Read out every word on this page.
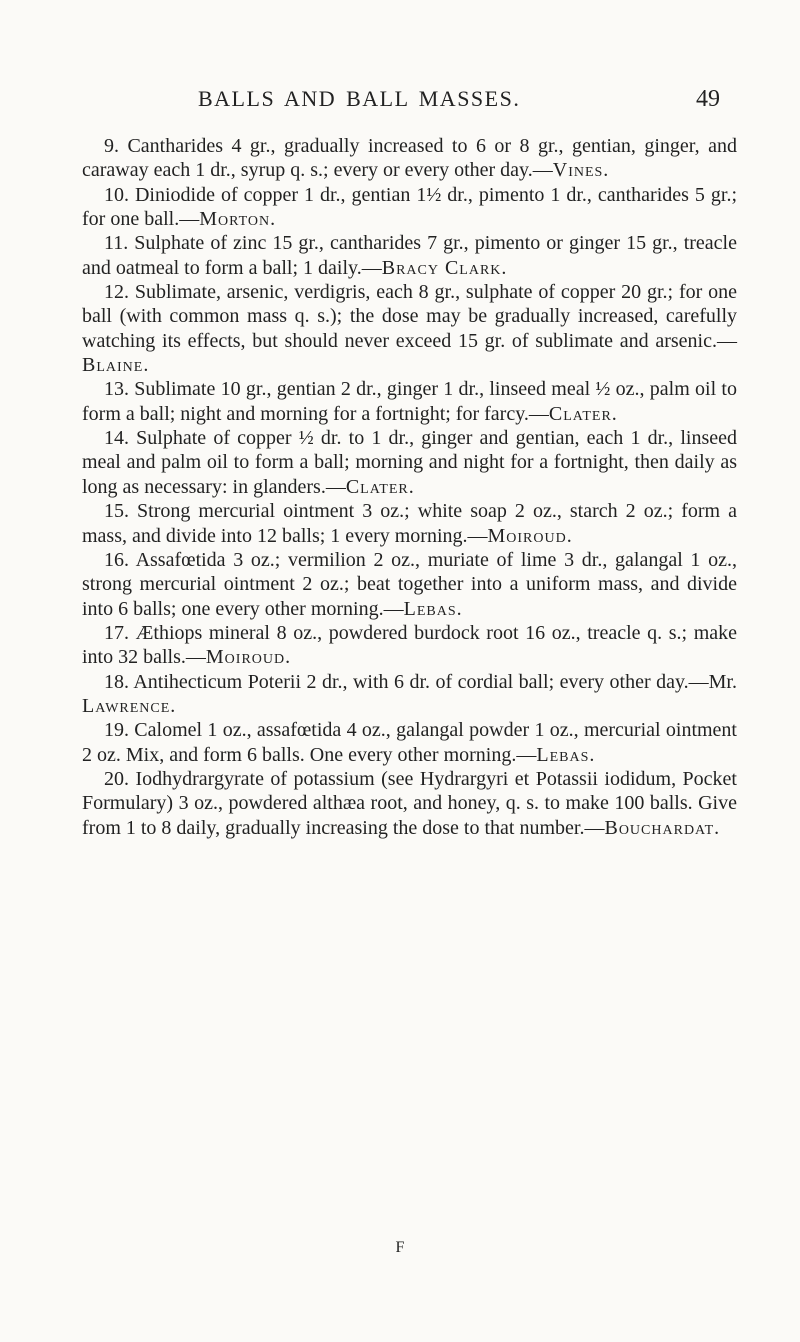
BALLS AND BALL MASSES.	49

9. Cantharides 4 gr., gradually increased to 6 or 8 gr., gentian, ginger, and caraway each 1 dr., syrup q. s.; every or every other day.—Vines.

10. Diniodide of copper 1 dr., gentian 1½ dr., pimento 1 dr., cantharides 5 gr.; for one ball.—Morton.

11. Sulphate of zinc 15 gr., cantharides 7 gr., pimento or ginger 15 gr., treacle and oatmeal to form a ball; 1 daily.—Bracy Clark.

12. Sublimate, arsenic, verdigris, each 8 gr., sulphate of copper 20 gr.; for one ball (with common mass q. s.); the dose may be gradually increased, carefully watching its effects, but should never exceed 15 gr. of sublimate and arsenic.—Blaine.

13. Sublimate 10 gr., gentian 2 dr., ginger 1 dr., linseed meal ½ oz., palm oil to form a ball; night and morning for a fortnight; for farcy.—Clater.

14. Sulphate of copper ½ dr. to 1 dr., ginger and gentian, each 1 dr., linseed meal and palm oil to form a ball; morning and night for a fortnight, then daily as long as necessary: in glanders.—Clater.

15. Strong mercurial ointment 3 oz.; white soap 2 oz., starch 2 oz.; form a mass, and divide into 12 balls; 1 every morning.—Moiroud.

16. Assafœtida 3 oz.; vermilion 2 oz., muriate of lime 3 dr., galangal 1 oz., strong mercurial ointment 2 oz.; beat together into a uniform mass, and divide into 6 balls; one every other morning.—Lebas.

17. Æthiops mineral 8 oz., powdered burdock root 16 oz., treacle q. s.; make into 32 balls.—Moiroud.

18. Antihecticum Poterii 2 dr., with 6 dr. of cordial ball; every other day.—Mr. Lawrence.

19. Calomel 1 oz., assafœtida 4 oz., galangal powder 1 oz., mercurial ointment 2 oz. Mix, and form 6 balls. One every other morning.—Lebas.

20. Iodhydrargyrate of potassium (see Hydrargyri et Potassii iodidum, Pocket Formulary) 3 oz., powdered althæa root, and honey, q. s. to make 100 balls. Give from 1 to 8 daily, gradually increasing the dose to that number.—Bouchardat.

F
